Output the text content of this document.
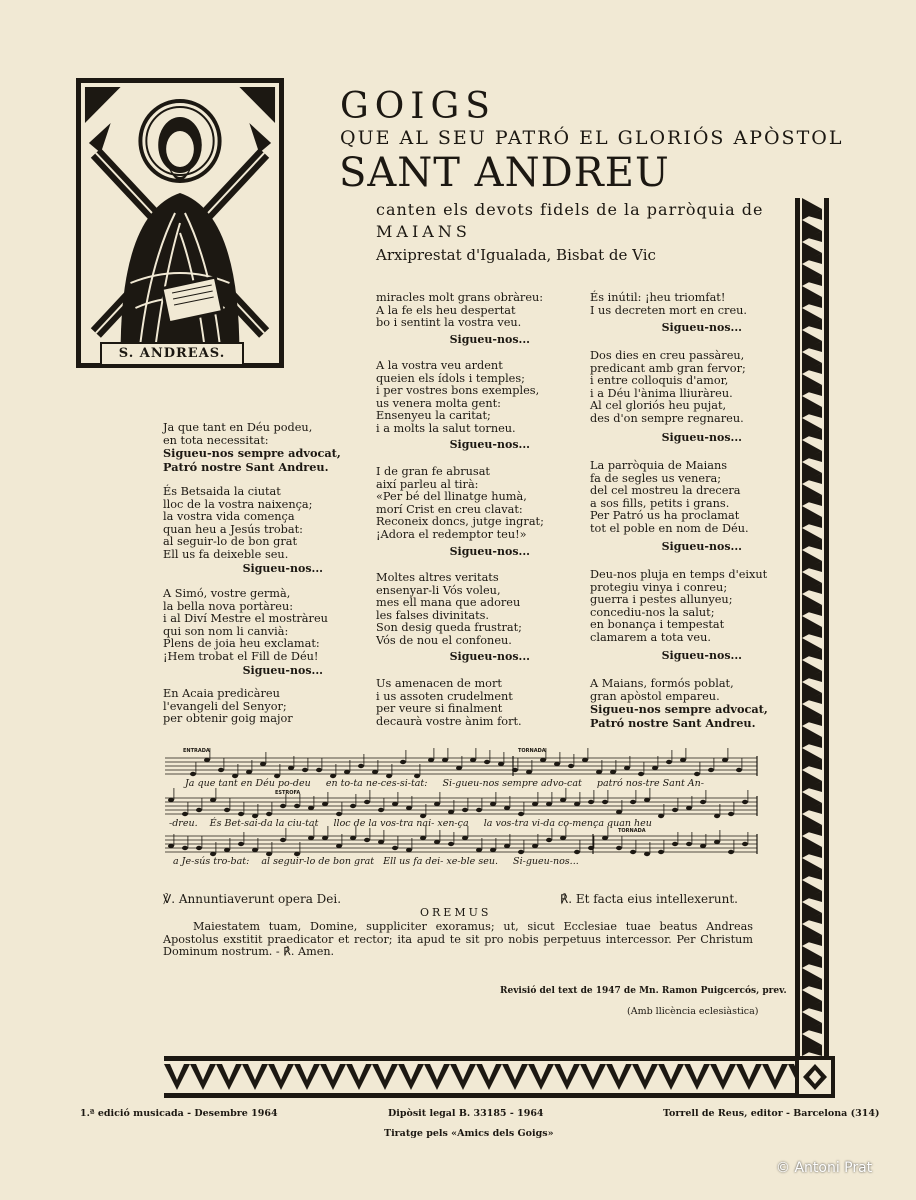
S. ANDREAS.
GOIGS
QUE AL SEU PATRÓ EL GLORIÓS APÒSTOL
SANT ANDREU
canten els devots fidels de la parròquia de
MAIANS
Arxiprestat d'Igualada, Bisbat de Vic
Ja que tant en Déu podeu,
en tota necessitat:
Sigueu-nos sempre advocat,
Patró nostre Sant Andreu.
És Betsaida la ciutat
lloc de la vostra naixença;
la vostra vida comença
quan heu a Jesús trobat:
al seguir-lo de bon grat
Ell us fa deixeble seu.
Sigueu-nos...
A Simó, vostre germà,
la bella nova portàreu:
i al Diví Mestre el mostràreu
qui son nom li canvià:
Plens de joia heu exclamat:
¡Hem trobat el Fill de Déu!
Sigueu-nos...
En Acaia predicàreu
l'evangeli del Senyor;
per obtenir goig major
miracles molt grans obràreu:
A la fe els heu despertat
bo i sentint la vostra veu.
Sigueu-nos...
A la vostra veu ardent
queien els ídols i temples;
i per vostres bons exemples,
us venera molta gent:
Ensenyeu la caritat;
i a molts la salut torneu.
Sigueu-nos...
I de gran fe abrusat
així parleu al tirà:
«Per bé del llinatge humà,
morí Crist en creu clavat:
Reconeix doncs, jutge ingrat;
¡Adora el redemptor teu!»
Sigueu-nos...
Moltes altres veritats
ensenyar-li Vós voleu,
mes ell mana que adoreu
les falses divinitats.
Son desig queda frustrat;
Vós de nou el confoneu.
Sigueu-nos...
Us amenacen de mort
i us assoten crudelment
per veure si finalment
decaurà vostre ànim fort.
És inútil: ¡heu triomfat!
I us decreten mort en creu.
Sigueu-nos...
Dos dies en creu passàreu,
predicant amb gran fervor;
i entre colloquis d'amor,
i a Déu l'ànima lliuràreu.
Al cel gloriós heu pujat,
des d'on sempre regnareu.
Sigueu-nos...
La parròquia de Maians
fa de segles us venera;
del cel mostreu la drecera
a sos fills, petits i grans.
Per Patró us ha proclamat
tot el poble en nom de Déu.
Sigueu-nos...
Deu-nos pluja en temps d'eixut
protegiu vinya i conreu;
guerra i pestes allunyeu;
concediu-nos la salut;
en bonança i tempestat
clamarem a tota veu.
Sigueu-nos...
A Maians, formós poblat,
gran apòstol empareu.
Sigueu-nos sempre advocat,
Patró nostre Sant Andreu.
ENTRADA	TORNADA
ESTROFA
TORNADA
Ja que tant en Déu po-deu     en to-ta ne-ces-si-tat:     Si-gueu-nos sempre advo-cat     patró nos-tre Sant An-
-dreu.    És Bet-sai-da la ciu-tat     lloc de la vos-tra nai- xen-ça     la vos-tra vi-da co-mença quan heu
a Je-sús tro-bat:    al seguir-lo de bon grat   Ell us fa dei- xe-ble seu.     Si-gueu-nos...
℣. Annuntiaverunt opera Dei.	℟. Et facta eius intellexerunt.
OREMUS
Maiestatem tuam, Domine, suppliciter exoramus; ut, sicut Ecclesiae tuae beatus Andreas Apostolus exstitit praedicator et rector; ita apud te sit pro nobis perpetuus intercessor. Per Christum Dominum nostrum. - ℟. Amen.
Revisió del text de 1947 de Mn. Ramon Puigcercós, prev.
(Amb llicència eclesiàstica)
1.ª edició musicada - Desembre 1964	Dipòsit legal B. 33185 - 1964	Torrell de Reus, editor - Barcelona (314)
Tiratge pels «Amics dels Goigs»
© Antoni Prat
